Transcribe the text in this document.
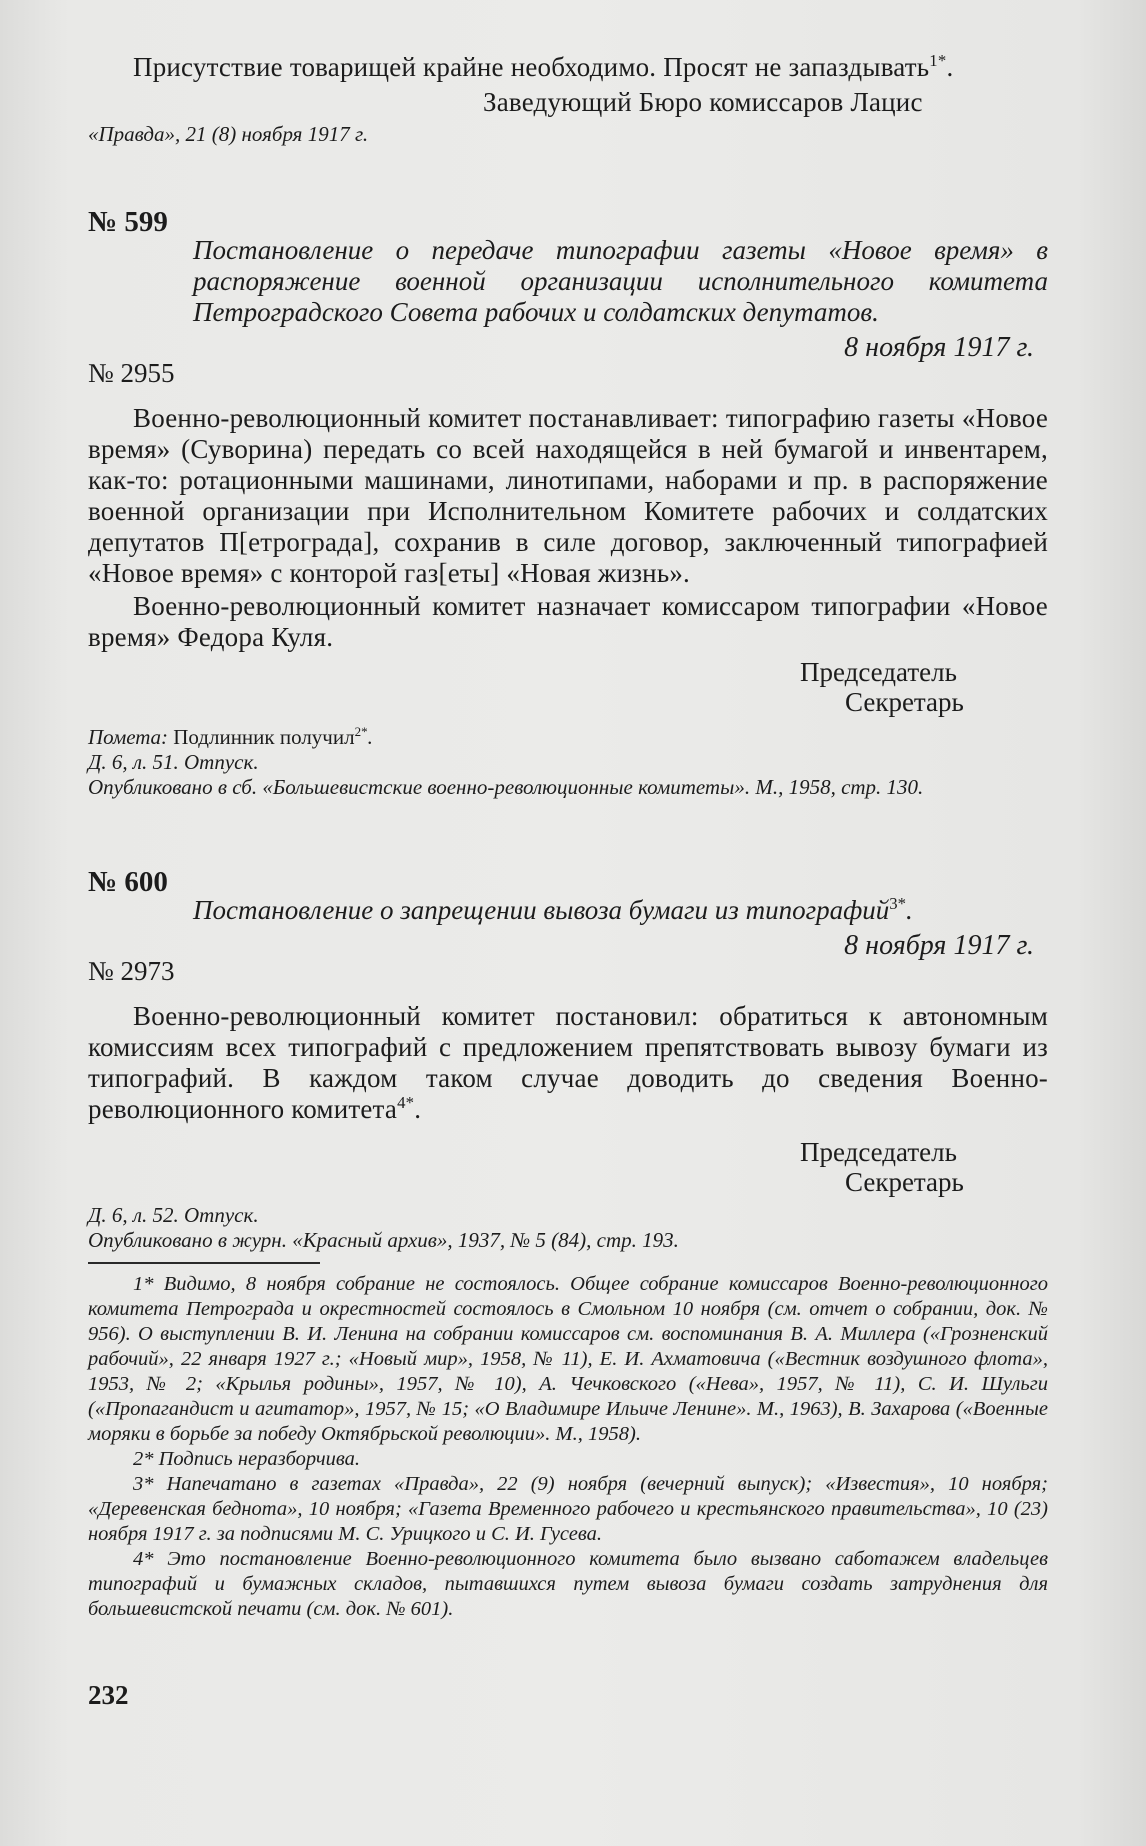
Присутствие товарищей крайне необходимо. Просят не запаздывать$^{1*}$.

Заведующий Бюро комиссаров Лацис

«Правда», 21 (8) ноября 1917 г.

№ 599

Постановление о передаче типографии газеты «Новое время» в распоряжение военной организации исполнительного комитета Петроградского Совета рабочих и солдатских депутатов.

8 ноября 1917 г.

№ 2955

Военно-революционный комитет постанавливает: типографию газеты «Новое время» (Суворина) передать со всей находящейся в ней бумагой и инвентарем, как-то: ротационными машинами, линотипами, наборами и пр. в распоряжение военной организации при Исполнительном Комитете рабочих и солдатских депутатов П[етрограда], сохранив в силе договор, заключенный типографией «Новое время» с конторой газ[еты] «Новая жизнь».

Военно-революционный комитет назначает комиссаром типографии «Новое время» Федора Куля.

Председатель

Секретарь

Пометa: Подлинник получил$^{2*}$.

Д. 6, л. 51. Отпуск.

Опубликовано в сб. «Большевистские военно-революционные комитеты». М., 1958, стр. 130.

№ 600

Постановление о запрещении вывоза бумаги из типографий$^{3*}$.

8 ноября 1917 г.

№ 2973

Военно-революционный комитет постановил: обратиться к автономным комиссиям всех типографий с предложением препятствовать вывозу бумаги из типографий. В каждом таком случае доводить до сведения Военно-революционного комитета$^{4*}$.

Председатель

Секретарь

Д. 6, л. 52. Отпуск.

Опубликовано в журн. «Красный архив», 1937, № 5 (84), стр. 193.

1* Видимо, 8 ноября собрание не состоялось. Общее собрание комиссаров Военно-революционного комитета Петрограда и окрестностей состоялось в Смольном 10 ноября (см. отчет о собрании, док. № 956). О выступлении В. И. Ленина на собрании комиссаров см. воспоминания В. А. Миллера («Грозненский рабочий», 22 января 1927 г.; «Новый мир», 1958, № 11), Е. И. Ахматовича («Вестник воздушного флота», 1953, № 2; «Крылья родины», 1957, № 10), А. Чечковского («Нева», 1957, № 11), С. И. Шульги («Пропагандист и агитатор», 1957, № 15; «О Владимире Ильиче Ленине». М., 1963), В. Захарова («Военные моряки в борьбе за победу Октябрьской революции». М., 1958).

2* Подпись неразборчива.

3* Напечатано в газетах «Правда», 22 (9) ноября (вечерний выпуск); «Известия», 10 ноября; «Деревенская беднота», 10 ноября; «Газета Временного рабочего и крестьянского правительства», 10 (23) ноября 1917 г. за подписями М. С. Урицкого и С. И. Гусева.

4* Это постановление Военно-революционного комитета было вызвано саботажем владельцев типографий и бумажных складов, пытавшихся путем вывоза бумаги создать затруднения для большевистской печати (см. док. № 601).

232
